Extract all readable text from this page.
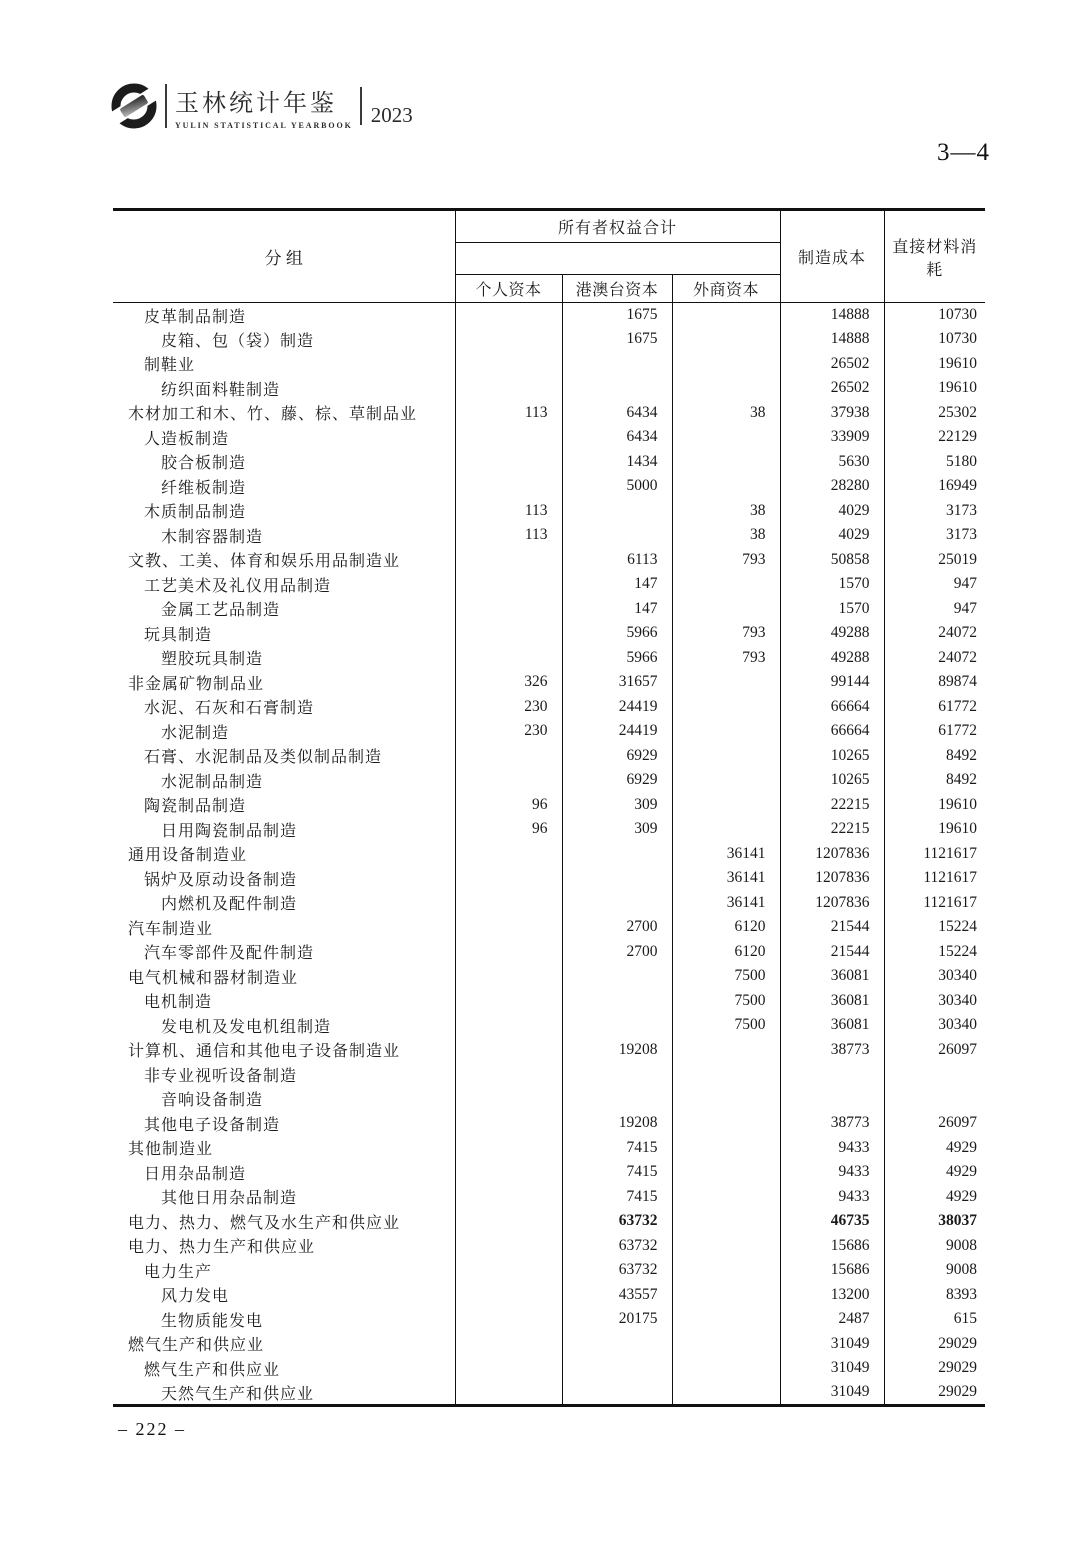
玉林统计年鉴
YULIN STATISTICAL YEARBOOK 2023
3—4
分 组	所有者权益合计			制造成本	直接材料消耗

	个人资本	港澳台资本	外商资本		
皮革制品制造		1675		14888	10730
皮箱、包（袋）制造		1675		14888	10730
制鞋业				26502	19610
纺织面料鞋制造				26502	19610
木材加工和木、竹、藤、棕、草制品业	113	6434	38	37938	25302
人造板制造		6434		33909	22129
胶合板制造		1434		5630	5180
纤维板制造		5000		28280	16949
木质制品制造	113		38	4029	3173
木制容器制造	113		38	4029	3173
文教、工美、体育和娱乐用品制造业		6113	793	50858	25019
工艺美术及礼仪用品制造		147		1570	947
金属工艺品制造		147		1570	947
玩具制造		5966	793	49288	24072
塑胶玩具制造		5966	793	49288	24072
非金属矿物制品业	326	31657		99144	89874
水泥、石灰和石膏制造	230	24419		66664	61772
水泥制造	230	24419		66664	61772
石膏、水泥制品及类似制品制造		6929		10265	8492
水泥制品制造		6929		10265	8492
陶瓷制品制造	96	309		22215	19610
日用陶瓷制品制造	96	309		22215	19610
通用设备制造业			36141	1207836	1121617
锅炉及原动设备制造			36141	1207836	1121617
内燃机及配件制造			36141	1207836	1121617
汽车制造业		2700	6120	21544	15224
汽车零部件及配件制造		2700	6120	21544	15224
电气机械和器材制造业			7500	36081	30340
电机制造			7500	36081	30340
发电机及发电机组制造			7500	36081	30340
计算机、通信和其他电子设备制造业		19208		38773	26097
非专业视听设备制造					
音响设备制造					
其他电子设备制造		19208		38773	26097
其他制造业		7415		9433	4929
日用杂品制造		7415		9433	4929
其他日用杂品制造		7415		9433	4929
电力、热力、燃气及水生产和供应业		63732		46735	38037
电力、热力生产和供应业		63732		15686	9008
电力生产		63732		15686	9008
风力发电		43557		13200	8393
生物质能发电		20175		2487	615
燃气生产和供应业				31049	29029
燃气生产和供应业				31049	29029
天然气生产和供应业				31049	29029
– 222 –
